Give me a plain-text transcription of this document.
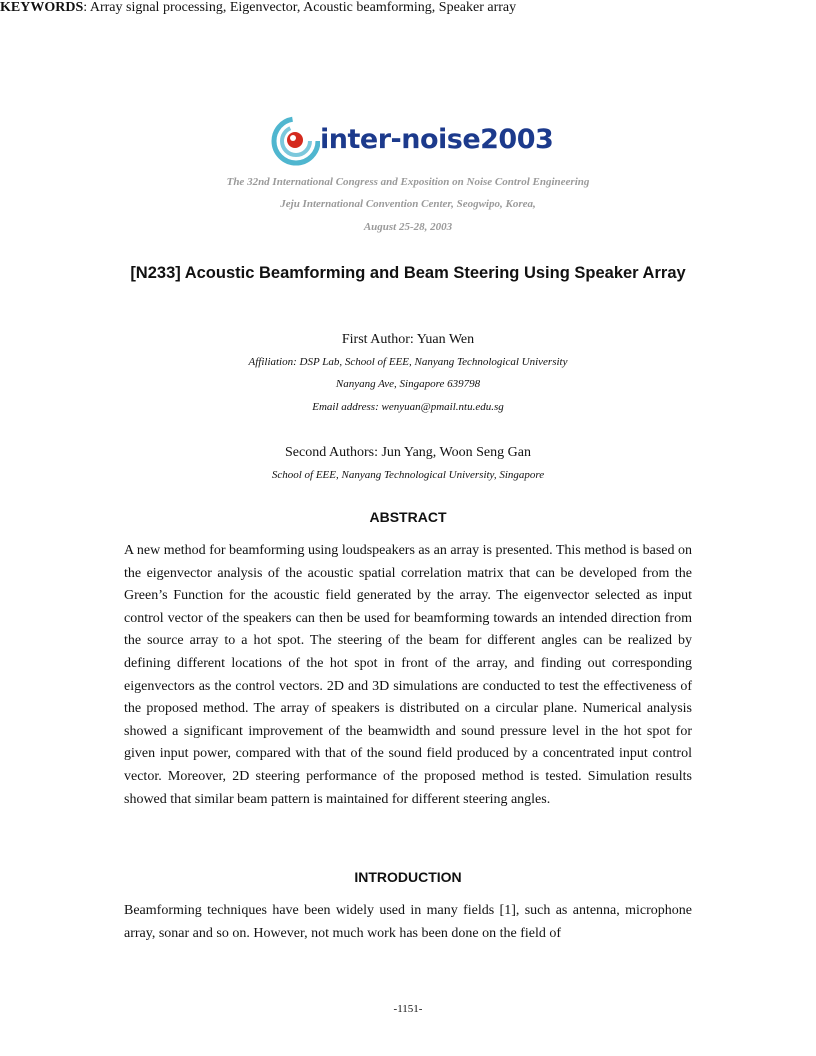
inter-noise2003
The 32nd International Congress and Exposition on Noise Control Engineering
Jeju International Convention Center, Seogwipo, Korea,
August 25-28, 2003
[N233] Acoustic Beamforming and Beam Steering Using Speaker Array
First Author: Yuan Wen
Affiliation: DSP Lab, School of EEE, Nanyang Technological University
Nanyang Ave, Singapore 639798
Email address: wenyuan@pmail.ntu.edu.sg
Second Authors: Jun Yang, Woon Seng Gan
School of EEE, Nanyang Technological University, Singapore
ABSTRACT
A new method for beamforming using loudspeakers as an array is presented. This method is based on the eigenvector analysis of the acoustic spatial correlation matrix that can be developed from the Green’s Function for the acoustic field generated by the array. The eigenvector selected as input control vector of the speakers can then be used for beamforming towards an intended direction from the source array to a hot spot. The steering of the beam for different angles can be realized by defining different locations of the hot spot in front of the array, and finding out corresponding eigenvectors as the control vectors. 2D and 3D simulations are conducted to test the effectiveness of the proposed method. The array of speakers is distributed on a circular plane. Numerical analysis showed a significant improvement of the beamwidth and sound pressure level in the hot spot for given input power, compared with that of the sound field produced by a concentrated input control vector. Moreover, 2D steering performance of the proposed method is tested. Simulation results showed that similar beam pattern is maintained for different steering angles.
KEYWORDS: Array signal processing, Eigenvector, Acoustic beamforming, Speaker array
INTRODUCTION
Beamforming techniques have been widely used in many fields [1], such as antenna, microphone array, sonar and so on. However, not much work has been done on the field of
-1151-
